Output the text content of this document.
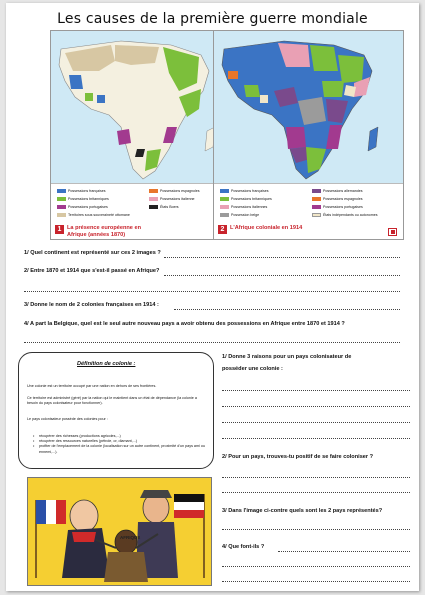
Les causes de la première guerre mondiale
Possessions françaises
Possessions britanniques
Possessions portugaises
Territoires sous souveraineté ottomane
Possessions espagnoles
Possessions italienne
États Boers
1 La présence européenne en Afrique (années 1870)
Possessions françaises
Possessions britanniques
Possessions italiennes
Possession belge
Possessions allemandes
Possessions espagnoles
Possessions portugaises
États indépendants ou autonomes
2 L'Afrique coloniale en 1914
1/ Quel continent est représenté sur ces 2 images ?
2/ Entre 1870 et 1914 que s'est-il passé en Afrique?
3/ Donne le nom de 2 colonies françaises en 1914 :
4/ A part la Belgique, quel est le seul autre nouveau pays a avoir obtenu des possessions en Afrique entre 1870 et 1914 ?
Définition de colonie :
Une colonie est un territoire occupé par une nation en dehors de ses frontières.
Ce territoire est administré (géré) par la nation qui le maintient dans un état de dépendance (la colonie a besoin du pays colonisateur pour fonctionner).
Le pays colonisateur possède des colonies pour :
• récupérer des richesses (productions agricoles,...)
• récupérer des ressources naturelles (pétrole, or, diamant,...)
• profiter de l'emplacement de la colonie (localisation sur un autre continent, proximité d'un pays ami ou ennemi,...).
1/ Donne 3 raisons pour un pays colonisateur de
posséder une colonie :
2/ Pour un pays, trouves-tu positif de se faire coloniser ?
3/ Dans l'image ci-contre quels sont les 2 pays représentés?
4/ Que font-ils ?
AFRIQUE
